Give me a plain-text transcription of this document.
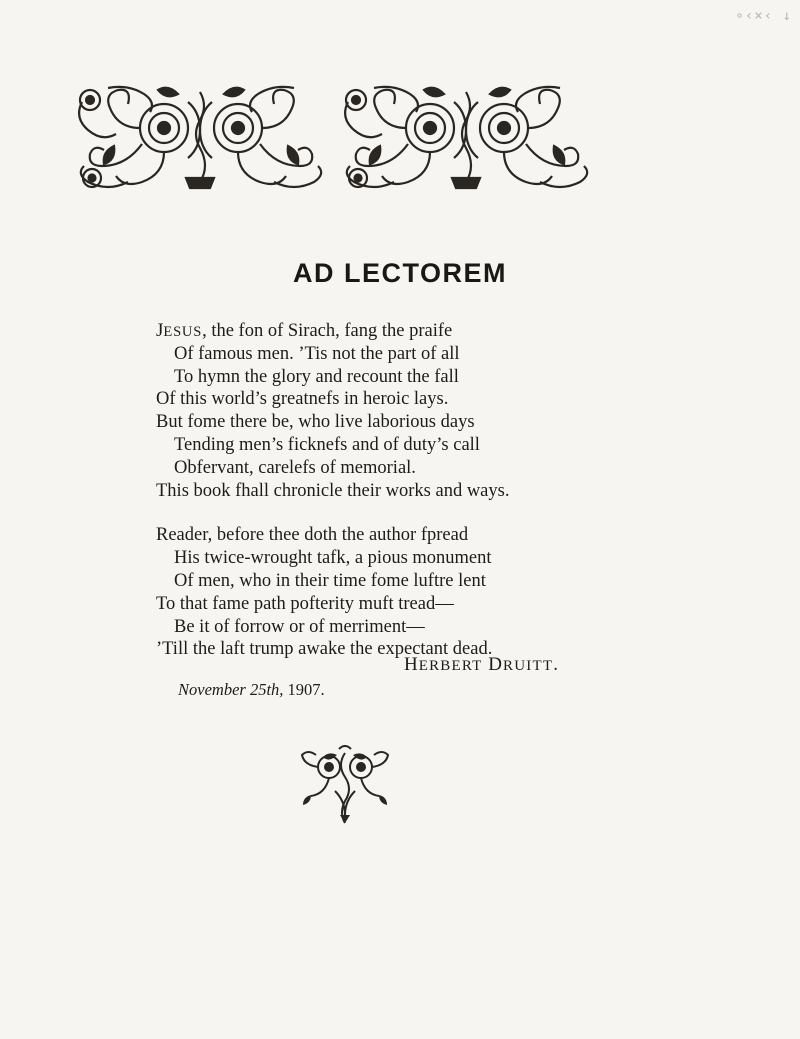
∘‹×‹ ↓
AD LECTOREM
JESUS, the fon of Sirach, fang the praife
Of famous men. ’Tis not the part of all
To hymn the glory and recount the fall
Of this world’s greatnefs in heroic lays.
But fome there be, who live laborious days
Tending men’s ficknefs and of duty’s call
Obfervant, carelefs of memorial.
This book fhall chronicle their works and ways.
Reader, before thee doth the author fpread
His twice-wrought tafk, a pious monument
Of men, who in their time fome luftre lent
To that fame path pofterity muft tread—
Be it of forrow or of merriment—
’Till the laft trump awake the expectant dead.
HERBERT DRUITT.
November 25th, 1907.
